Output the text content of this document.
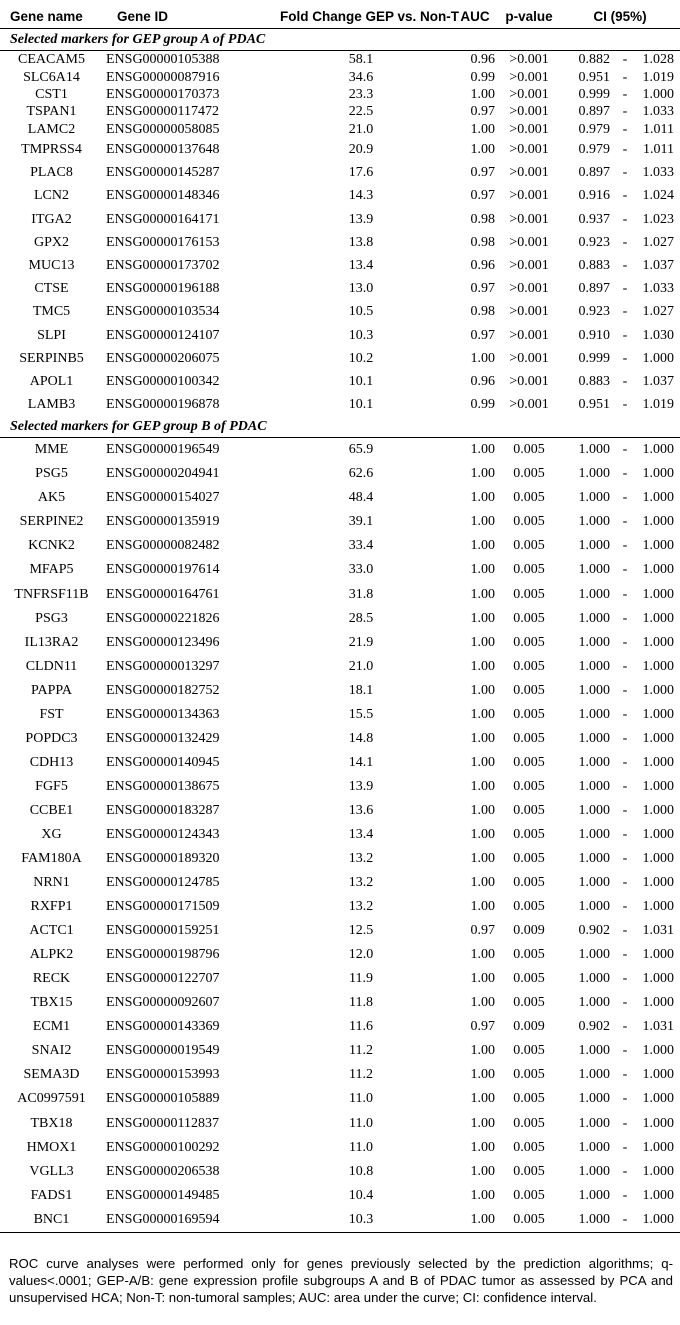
Gene name	Gene ID	Fold Change GEP vs. Non-T	AUC	p-value	CI (95%)		
Selected markers for GEP group A of PDAC							
CEACAM5	ENSG00000105388	58.1	0.96	>0.001	0.882	-	1.028
SLC6A14	ENSG00000087916	34.6	0.99	>0.001	0.951	-	1.019
CST1	ENSG00000170373	23.3	1.00	>0.001	0.999	-	1.000
TSPAN1	ENSG00000117472	22.5	0.97	>0.001	0.897	-	1.033
LAMC2	ENSG00000058085	21.0	1.00	>0.001	0.979	-	1.011
TMPRSS4	ENSG00000137648	20.9	1.00	>0.001	0.979	-	1.011
PLAC8	ENSG00000145287	17.6	0.97	>0.001	0.897	-	1.033
LCN2	ENSG00000148346	14.3	0.97	>0.001	0.916	-	1.024
ITGA2	ENSG00000164171	13.9	0.98	>0.001	0.937	-	1.023
GPX2	ENSG00000176153	13.8	0.98	>0.001	0.923	-	1.027
MUC13	ENSG00000173702	13.4	0.96	>0.001	0.883	-	1.037
CTSE	ENSG00000196188	13.0	0.97	>0.001	0.897	-	1.033
TMC5	ENSG00000103534	10.5	0.98	>0.001	0.923	-	1.027
SLPI	ENSG00000124107	10.3	0.97	>0.001	0.910	-	1.030
SERPINB5	ENSG00000206075	10.2	1.00	>0.001	0.999	-	1.000
APOL1	ENSG00000100342	10.1	0.96	>0.001	0.883	-	1.037
LAMB3	ENSG00000196878	10.1	0.99	>0.001	0.951	-	1.019
Selected markers for GEP group B of PDAC							
MME	ENSG00000196549	65.9	1.00	0.005	1.000	-	1.000
PSG5	ENSG00000204941	62.6	1.00	0.005	1.000	-	1.000
AK5	ENSG00000154027	48.4	1.00	0.005	1.000	-	1.000
SERPINE2	ENSG00000135919	39.1	1.00	0.005	1.000	-	1.000
KCNK2	ENSG00000082482	33.4	1.00	0.005	1.000	-	1.000
MFAP5	ENSG00000197614	33.0	1.00	0.005	1.000	-	1.000
TNFRSF11B	ENSG00000164761	31.8	1.00	0.005	1.000	-	1.000
PSG3	ENSG00000221826	28.5	1.00	0.005	1.000	-	1.000
IL13RA2	ENSG00000123496	21.9	1.00	0.005	1.000	-	1.000
CLDN11	ENSG00000013297	21.0	1.00	0.005	1.000	-	1.000
PAPPA	ENSG00000182752	18.1	1.00	0.005	1.000	-	1.000
FST	ENSG00000134363	15.5	1.00	0.005	1.000	-	1.000
POPDC3	ENSG00000132429	14.8	1.00	0.005	1.000	-	1.000
CDH13	ENSG00000140945	14.1	1.00	0.005	1.000	-	1.000
FGF5	ENSG00000138675	13.9	1.00	0.005	1.000	-	1.000
CCBE1	ENSG00000183287	13.6	1.00	0.005	1.000	-	1.000
XG	ENSG00000124343	13.4	1.00	0.005	1.000	-	1.000
FAM180A	ENSG00000189320	13.2	1.00	0.005	1.000	-	1.000
NRN1	ENSG00000124785	13.2	1.00	0.005	1.000	-	1.000
RXFP1	ENSG00000171509	13.2	1.00	0.005	1.000	-	1.000
ACTC1	ENSG00000159251	12.5	0.97	0.009	0.902	-	1.031
ALPK2	ENSG00000198796	12.0	1.00	0.005	1.000	-	1.000
RECK	ENSG00000122707	11.9	1.00	0.005	1.000	-	1.000
TBX15	ENSG00000092607	11.8	1.00	0.005	1.000	-	1.000
ECM1	ENSG00000143369	11.6	0.97	0.009	0.902	-	1.031
SNAI2	ENSG00000019549	11.2	1.00	0.005	1.000	-	1.000
SEMA3D	ENSG00000153993	11.2	1.00	0.005	1.000	-	1.000
AC0997591	ENSG00000105889	11.0	1.00	0.005	1.000	-	1.000
TBX18	ENSG00000112837	11.0	1.00	0.005	1.000	-	1.000
HMOX1	ENSG00000100292	11.0	1.00	0.005	1.000	-	1.000
VGLL3	ENSG00000206538	10.8	1.00	0.005	1.000	-	1.000
FADS1	ENSG00000149485	10.4	1.00	0.005	1.000	-	1.000
BNC1	ENSG00000169594	10.3	1.00	0.005	1.000	-	1.000

ROC curve analyses were performed only for genes previously selected by the prediction algorithms; q-values<.0001; GEP-A/B: gene expression profile subgroups A and B of PDAC tumor as assessed by PCA and unsupervised HCA; Non-T: non-tumoral samples; AUC: area under the curve; CI: confidence interval.
